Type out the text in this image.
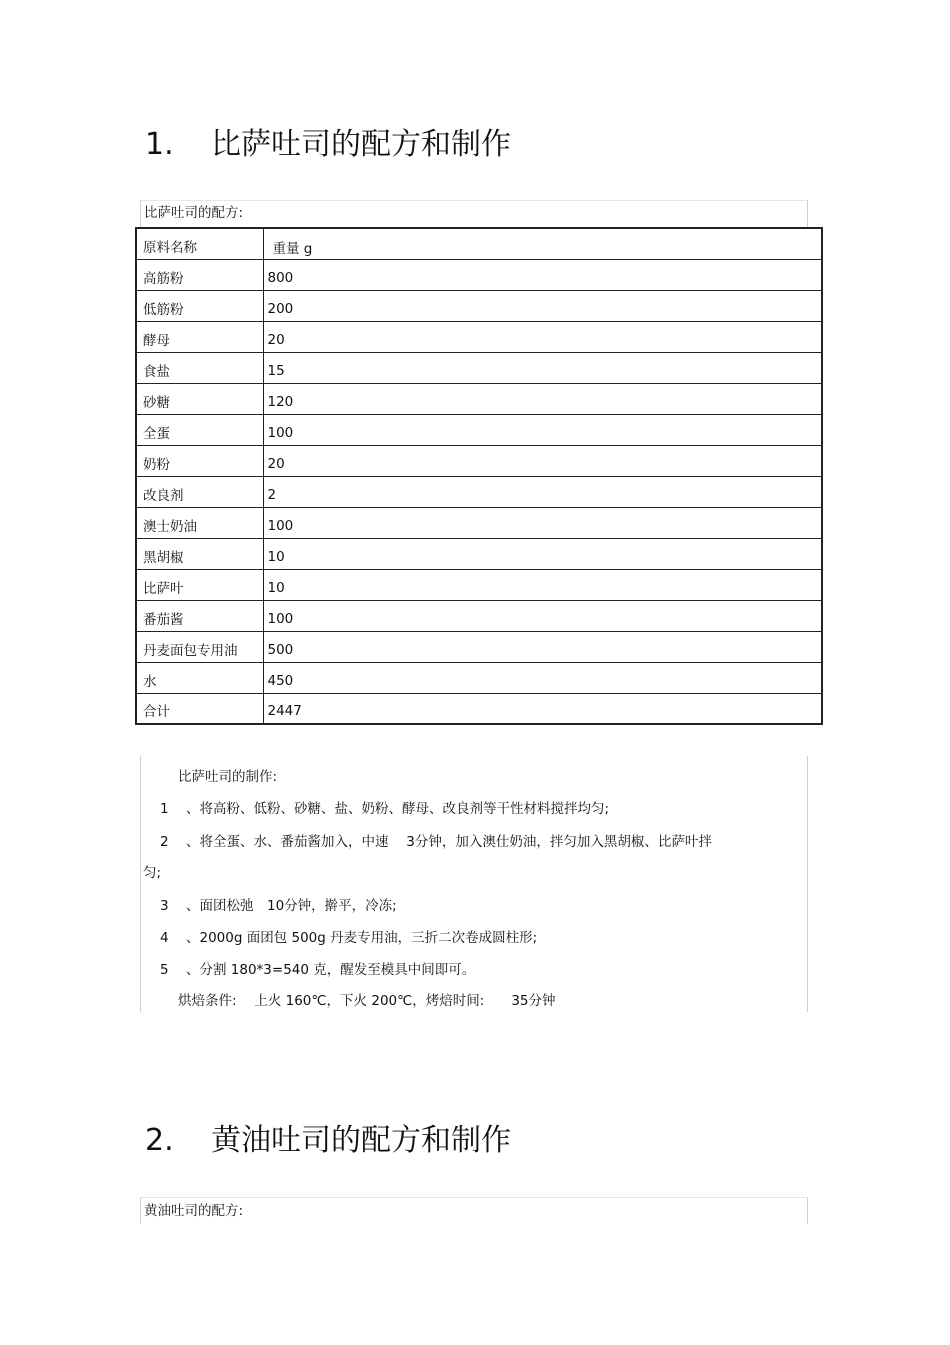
1. 比萨吐司的配方和制作
比萨吐司的配方:
原料名称	重量 g
高筋粉	800
低筋粉	200
酵母	20
食盐	15
砂糖	120
全蛋	100
奶粉	20
改良剂	2
澳士奶油	100
黑胡椒	10
比萨叶	10
番茄酱	100
丹麦面包专用油	500
水	450
合计	2447
比萨吐司的制作:
1 、将高粉、低粉、砂糖、盐、奶粉、酵母、改良剂等干性材料搅拌均匀;
2 、将全蛋、水、番茄酱加入，中速　 3分钟，加入澳仕奶油，拌匀加入黑胡椒、比萨叶拌
匀;
3 、面团松弛　10分钟，擀平，冷冻;
4 、2000g 面团包 500g 丹麦专用油，三折二次卷成圆柱形;
5 、分割 180*3=540 克，醒发至模具中间即可。
烘焙条件:　 上火 160℃，下火 200℃，烤焙时间:　　35分钟
2. 黄油吐司的配方和制作
黄油吐司的配方:
